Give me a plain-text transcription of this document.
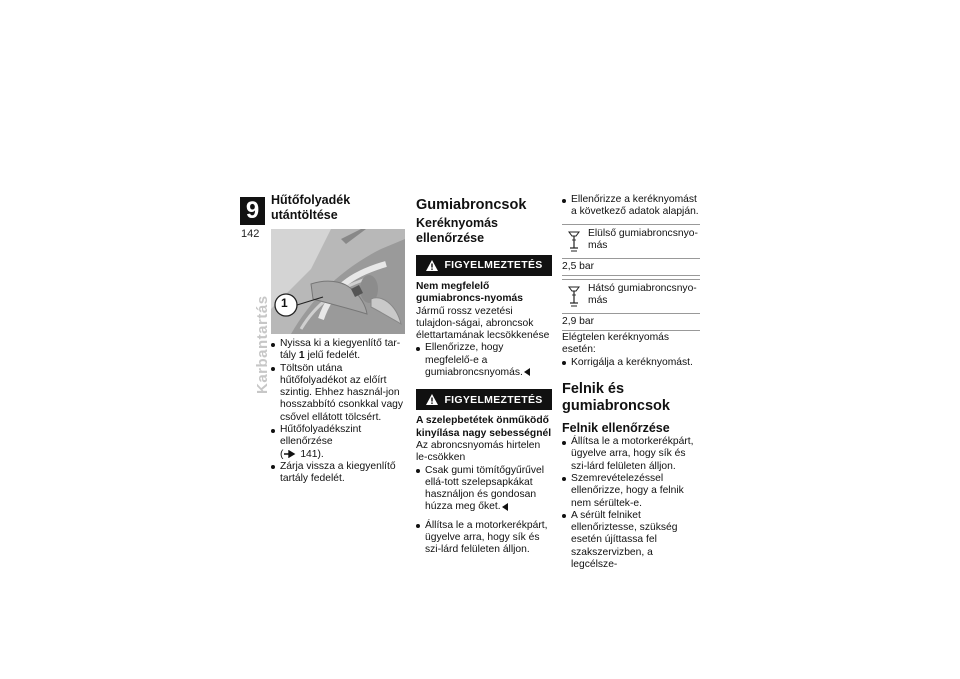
9
142
Karbantartás
Hűtőfolyadék utántöltése
1
Nyissa ki a kiegyenlítő tar-tály 1 jelű fedelét.
Töltsön utána hűtőfolyadékot az előírt szintig. Ehhez használ-jon hosszabbító csonkkal vagy csővel ellátott tölcsért.
Hűtőfolyadékszint ellenőrzése
( 141).
Zárja vissza a kiegyenlítő tartály fedelét.
Gumiabroncsok
Keréknyomás ellenőrzése
FIGYELMEZTETÉS
Nem megfelelő gumiabroncs-nyomás

Jármű rossz vezetési tulajdon-ságai, abroncsok élettartamának lecsökkenése

Ellenőrizze, hogy megfelelő-e a gumiabroncsnyomás.
FIGYELMEZTETÉS
A szelepbetétek önműködő kinyílása nagy sebességnél

Az abroncsnyomás hirtelen le-csökken

Csak gumi tömítőgyűrűvel ellá-tott szelepsapkákat használjon és gondosan húzza meg őket.
Állítsa le a motorkerékpárt, ügyelve arra, hogy sík és szi-lárd felületen álljon.
Ellenőrizze a keréknyomást a következő adatok alapján.
Elülső gumiabroncsnyo-más
2,5 bar
Hátsó gumiabroncsnyo-más
2,9 bar

Elégtelen keréknyomás esetén:

Korrigálja a keréknyomást.
Felnik és gumiabroncsok
Felnik ellenőrzése
Állítsa le a motorkerékpárt, ügyelve arra, hogy sík és szi-lárd felületen álljon.
Szemrevételezéssel ellenőrizze, hogy a felnik nem sérültek-e.
A sérült felniket ellenőriztesse, szükség esetén újíttassa fel szakszervizben, a legcélsze-
